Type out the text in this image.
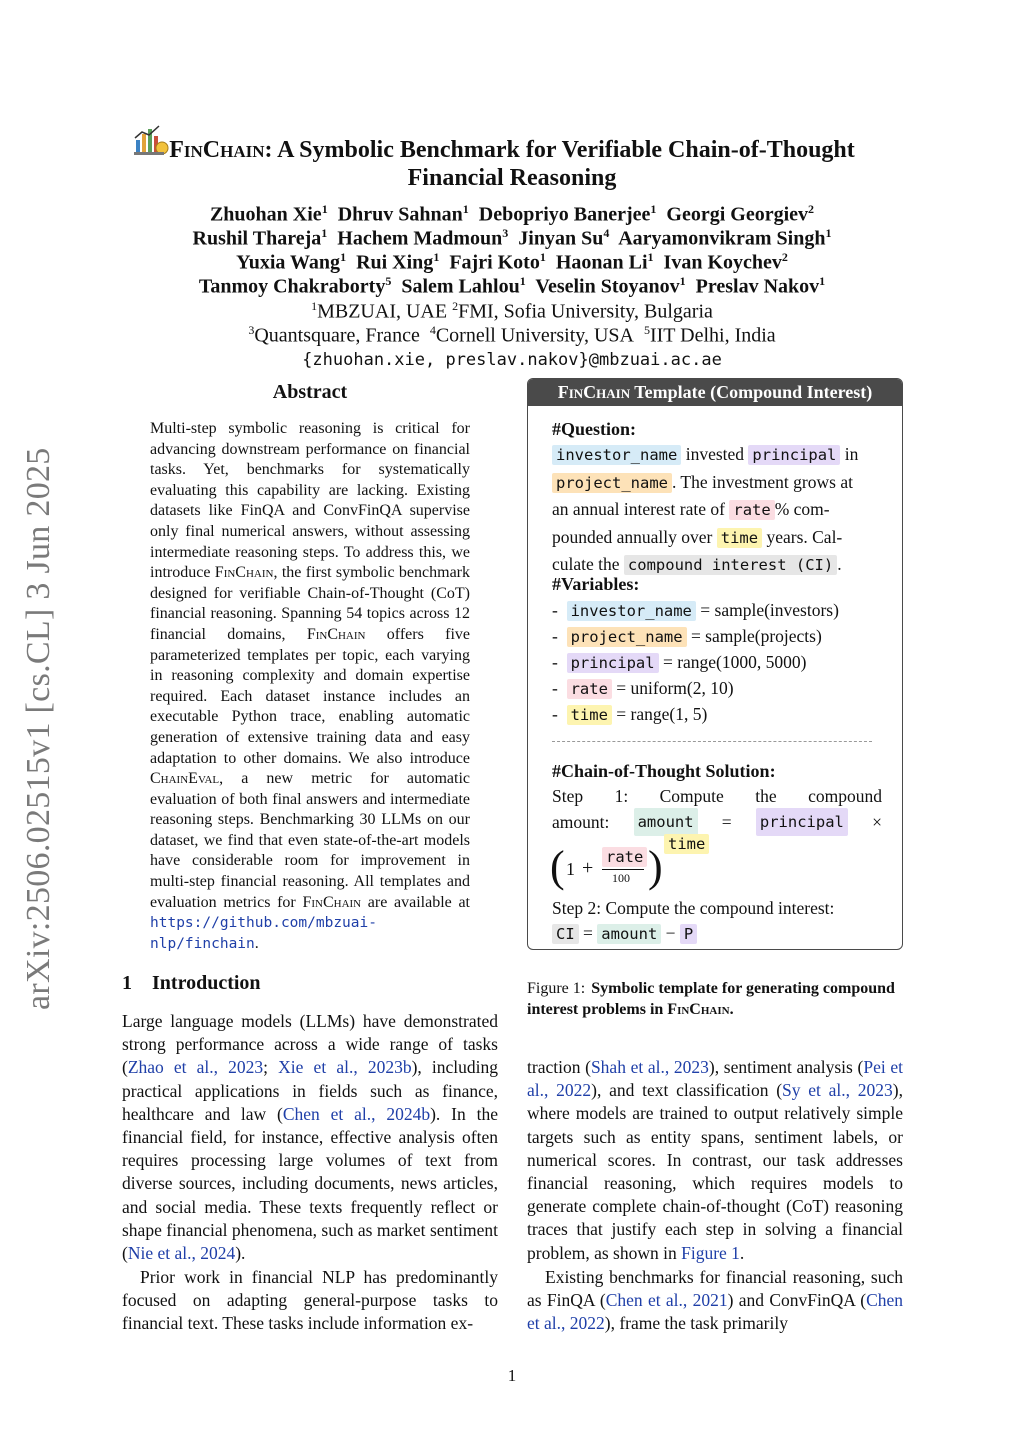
arXiv:2506.02515v1 [cs.CL] 3 Jun 2025
FinChain: A Symbolic Benchmark for Verifiable Chain-of-Thought
Financial Reasoning
Zhuohan Xie$^1$ Dhruv Sahnan$^1$ Debopriyo Banerjee$^1$ Georgi Georgiev$^2$
Rushil Thareja$^1$ Hachem Madmoun$^3$ Jinyan Su$^4$ Aaryamonvikram Singh$^1$
Yuxia Wang$^1$ Rui Xing$^1$ Fajri Koto$^1$ Haonan Li$^1$ Ivan Koychev$^2$
Tanmoy Chakraborty$^5$ Salem Lahlou$^1$ Veselin Stoyanov$^1$ Preslav Nakov$^1$
$^1$MBZUAI, UAE $^2$FMI, Sofia University, Bulgaria
$^3$Quantsquare, France $^4$Cornell University, USA $^5$IIT Delhi, India
{zhuohan.xie, preslav.nakov}@mbzuai.ac.ae
Abstract
Multi-step symbolic reasoning is critical for advancing downstream performance on financial tasks. Yet, benchmarks for systematically evaluating this capability are lacking. Existing datasets like FinQA and ConvFinQA supervise only final numerical answers, without assessing intermediate reasoning steps. To address this, we introduce FinChain, the first symbolic benchmark designed for verifiable Chain-of-Thought (CoT) financial reasoning. Spanning 54 topics across 12 financial domains, FinChain offers five parameterized templates per topic, each varying in reasoning complexity and domain expertise required. Each dataset instance includes an executable Python trace, enabling automatic generation of extensive training data and easy adaptation to other domains. We also introduce ChainEval, a new metric for automatic evaluation of both final answers and intermediate reasoning steps. Benchmarking 30 LLMs on our dataset, we find that even state-of-the-art models have considerable room for improvement in multi-step financial reasoning. All templates and evaluation metrics for FinChain are available at https://github.com/mbzuai-nlp/finchain.
1 Introduction
Large language models (LLMs) have demonstrated strong performance across a wide range of tasks (Zhao et al., 2023; Xie et al., 2023b), including practical applications in fields such as finance, healthcare and law (Chen et al., 2024b). In the financial field, for instance, effective analysis often requires processing large volumes of text from diverse sources, including documents, news articles, and social media. These texts frequently reflect or shape financial phenomena, such as market sentiment (Nie et al., 2024).
Prior work in financial NLP has predominantly focused on adapting general-purpose tasks to financial text. These tasks include information ex-
traction (Shah et al., 2023), sentiment analysis (Pei et al., 2022), and text classification (Sy et al., 2023), where models are trained to output relatively simple targets such as entity spans, sentiment labels, or numerical scores. In contrast, our task addresses financial reasoning, which requires models to generate complete chain-of-thought (CoT) reasoning traces that justify each step in solving a financial problem, as shown in Figure 1.
Existing benchmarks for financial reasoning, such as FinQA (Chen et al., 2021) and ConvFinQA (Chen et al., 2022), frame the task primarily
FinChain Template (Compound Interest)
#Question:
investor_name invested principal in
project_name . The investment grows at
an annual interest rate of rate % com-
pounded annually over time years. Cal-
culate the compound interest (CI) .
#Variables:
- investor_name = sample(investors)
- project_name = sample(projects)
- principal = range(1000, 5000)
- rate = uniform(2, 10)
- time = range(1, 5)
#Chain-of-Thought Solution:
Step 1: Compute the compound
amount: amount = principal ×
( 1 + rate
100 ) time
Step 2: Compute the compound interest:
CI = amount − P
Figure 1: Symbolic template for generating compound interest problems in FinChain.
1
